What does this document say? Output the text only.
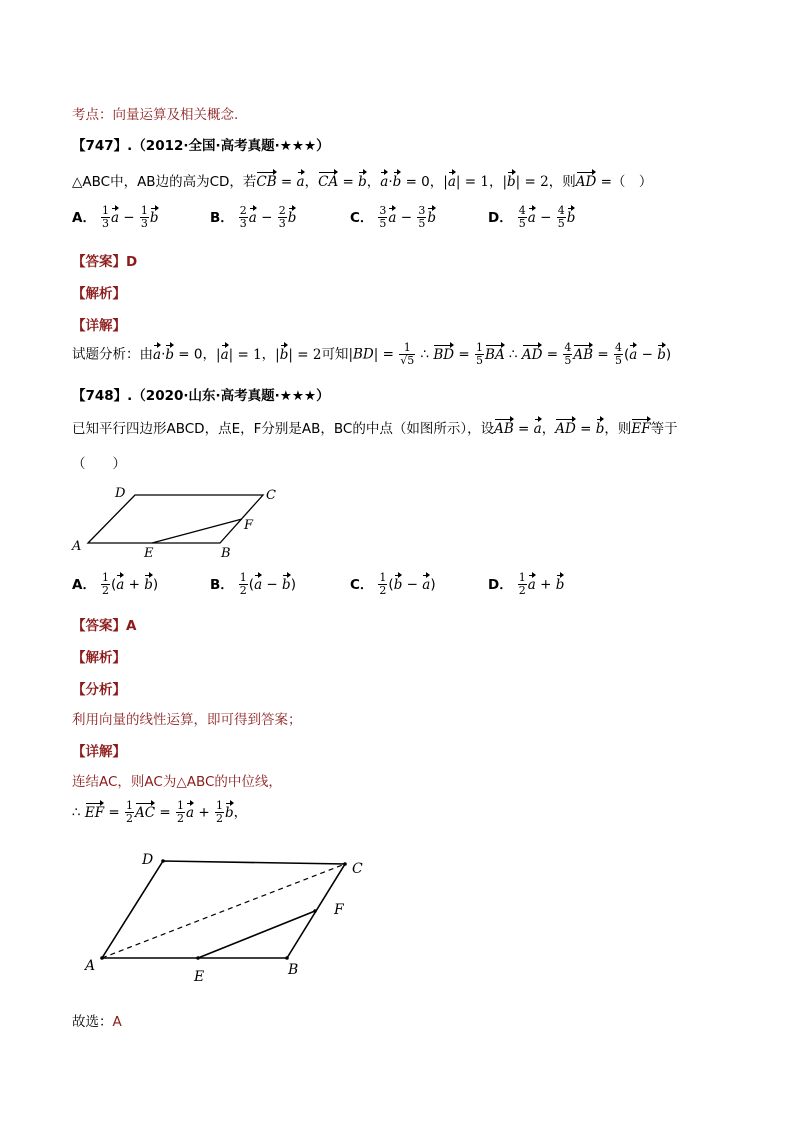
考点：向量运算及相关概念.
【747】.（2012·全国·高考真题·★★★）
△ABC中，AB边的高为CD，若CB = a，CA = b，a·b = 0，|a| = 1，|b| = 2，则AD =（　）
A． $\frac{1}{3}$ $a - \frac{1}{3}$ b	B． $\frac{2}{3}$ $a - \frac{2}{3}$ b	C． $\frac{3}{5}$ $a - \frac{3}{5}$ b	D． $\frac{4}{5}$ $a - \frac{4}{5}$ b
【答案】D
【解析】
【详解】
试题分析：由a·b = 0，|a| = 1，|b| = 2可知$|BD| = \frac{1}{√5}$ ∴ BD = $\frac{1}{5}$ BA ∴ AD = $\frac{4}{5}$ AB = $\frac{4}{5} (a - b)$
【748】.（2020·山东·高考真题·★★★）
已知平行四边形ABCD，点E，F分别是AB，BC的中点（如图所示），设AB = a，AD = b，则EF等于
（　　）
A	B
C
D
E
F
A． $\frac{1}{2} (a + b)$	B． $\frac{1}{2} (a - b)$	C． $\frac{1}{2} (b - a)$	D． $\frac{1}{2}$ a + b
【答案】A
【解析】
【分析】
利用向量的线性运算，即可得到答案；
【详解】
连结AC，则AC为△ABC的中位线，
∴ EF = $\frac{1}{2}$ AC = $\frac{1}{2}$ $a + \frac{1}{2}$ b，
A	B
C
D
E
F
故选：A
